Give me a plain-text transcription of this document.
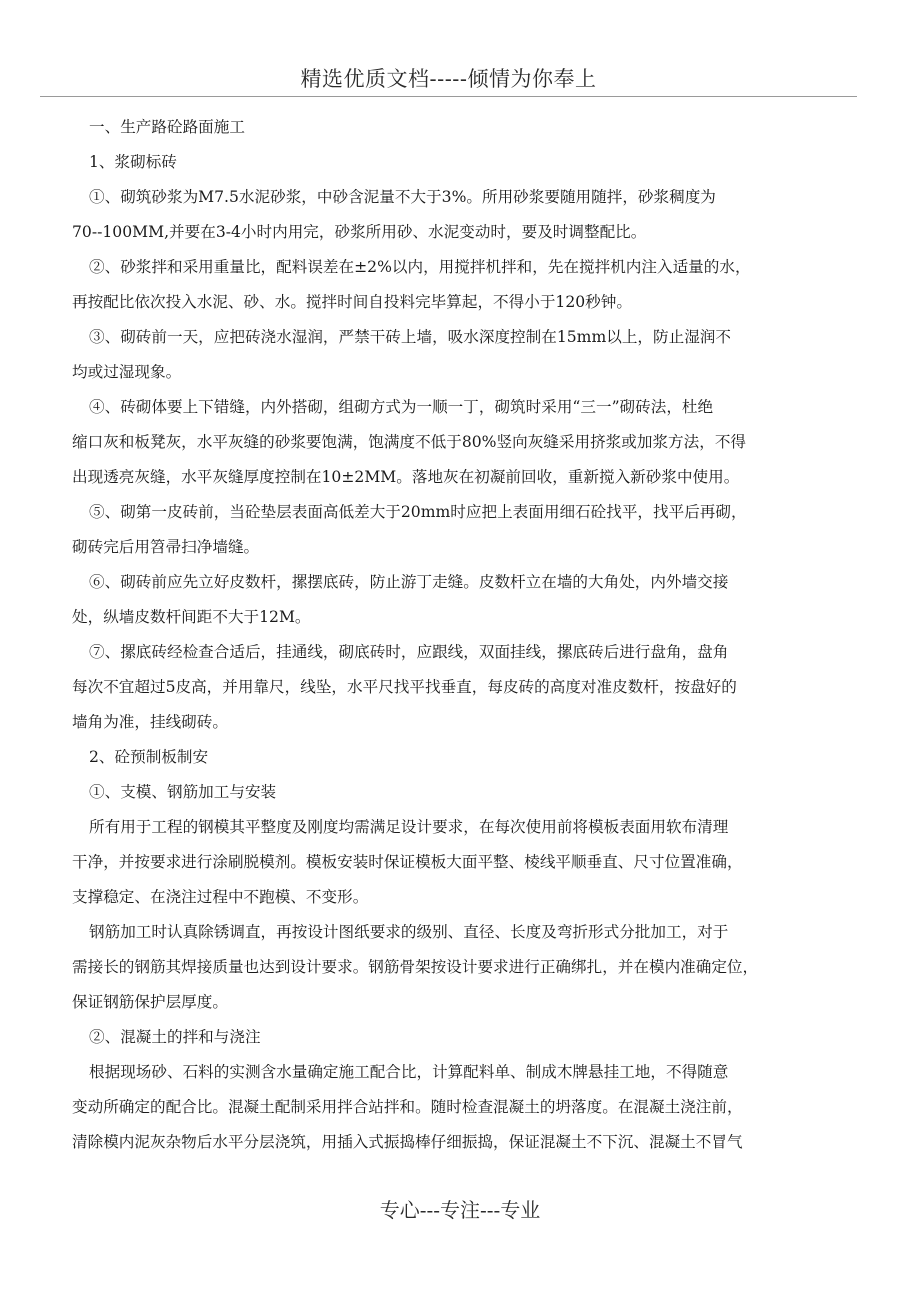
精选优质文档-----倾情为你奉上

一、生产路砼路面施工

1、浆砌标砖

①、砌筑砂浆为M7.5水泥砂浆，中砂含泥量不大于3%。所用砂浆要随用随拌，砂浆稠度为

70--100MM,并要在3-4小时内用完，砂浆所用砂、水泥变动时，要及时调整配比。

②、砂浆拌和采用重量比，配料误差在±2%以内，用搅拌机拌和，先在搅拌机内注入适量的水，

再按配比依次投入水泥、砂、水。搅拌时间自投料完毕算起，不得小于120秒钟。

③、砌砖前一天，应把砖浇水湿润，严禁干砖上墙，吸水深度控制在15mm以上，防止湿润不

均或过湿现象。

④、砖砌体要上下错缝，内外搭砌，组砌方式为一顺一丁，砌筑时采用“三一”砌砖法，杜绝

缩口灰和板凳灰，水平灰缝的砂浆要饱满，饱满度不低于80%竖向灰缝采用挤浆或加浆方法，不得

出现透亮灰缝，水平灰缝厚度控制在10±2MM。落地灰在初凝前回收，重新搅入新砂浆中使用。

⑤、砌第一皮砖前，当砼垫层表面高低差大于20mm时应把上表面用细石砼找平，找平后再砌，

砌砖完后用笤帚扫净墙缝。

⑥、砌砖前应先立好皮数杆，摞摆底砖，防止游丁走缝。皮数杆立在墙的大角处，内外墙交接

处，纵墙皮数杆间距不大于12M。

⑦、摞底砖经检查合适后，挂通线，砌底砖时，应跟线，双面挂线，摞底砖后进行盘角，盘角

每次不宜超过5皮高，并用靠尺，线坠，水平尺找平找垂直，每皮砖的高度对准皮数杆，按盘好的

墙角为准，挂线砌砖。

2、砼预制板制安

①、支模、钢筋加工与安装

所有用于工程的钢模其平整度及刚度均需满足设计要求，在每次使用前将模板表面用软布清理

干净，并按要求进行涂刷脱模剂。模板安装时保证模板大面平整、棱线平顺垂直、尺寸位置准确，

支撑稳定、在浇注过程中不跑模、不变形。

钢筋加工时认真除锈调直，再按设计图纸要求的级别、直径、长度及弯折形式分批加工，对于

需接长的钢筋其焊接质量也达到设计要求。钢筋骨架按设计要求进行正确绑扎，并在模内准确定位，

保证钢筋保护层厚度。

②、混凝土的拌和与浇注

根据现场砂、石料的实测含水量确定施工配合比，计算配料单、制成木牌悬挂工地，不得随意

变动所确定的配合比。混凝土配制采用拌合站拌和。随时检查混凝土的坍落度。在混凝土浇注前，

清除模内泥灰杂物后水平分层浇筑，用插入式振捣棒仔细振捣，保证混凝土不下沉、混凝土不冒气

专心---专注---专业
